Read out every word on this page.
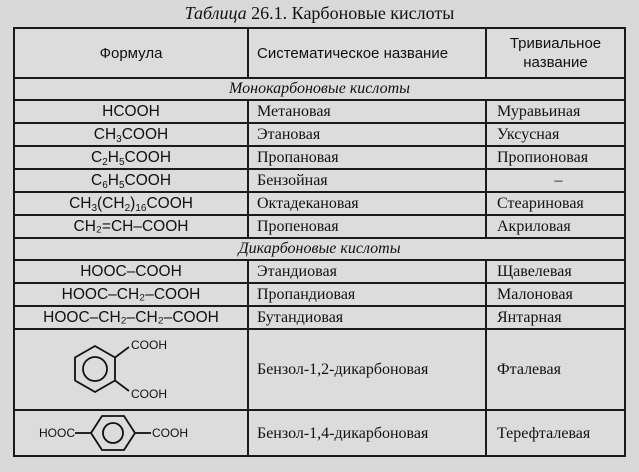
Таблица 26.1. Карбоновые кислоты
Формула	Систематическое название	Тривиальное название
Монокарбоновые кислоты		
HCOOH	Метановая	Муравьиная
$CH_3COOH$	Этановая	Уксусная
$C_2H_5COOH$	Пропановая	Пропионовая
$C_6H_5COOH$	Бензойная	–
$CH_3(CH_2)_{16}COOH$	Октадекановая	Стеариновая
CH₂=CH–COOH	Пропеновая	Акриловая
Дикарбоновые кислоты		
HOOC–COOH	Этандиовая	Щавелевая
HOOC–CH₂–COOH	Пропандиовая	Малоновая
HOOC–CH₂–CH₂–COOH	Бутандиовая	Янтарная

COOH
COOH	Бензол-1,2-дикарбоновая	Фталевая

HOOC COOH	Бензол-1,4-дикарбоновая	Терефталевая
